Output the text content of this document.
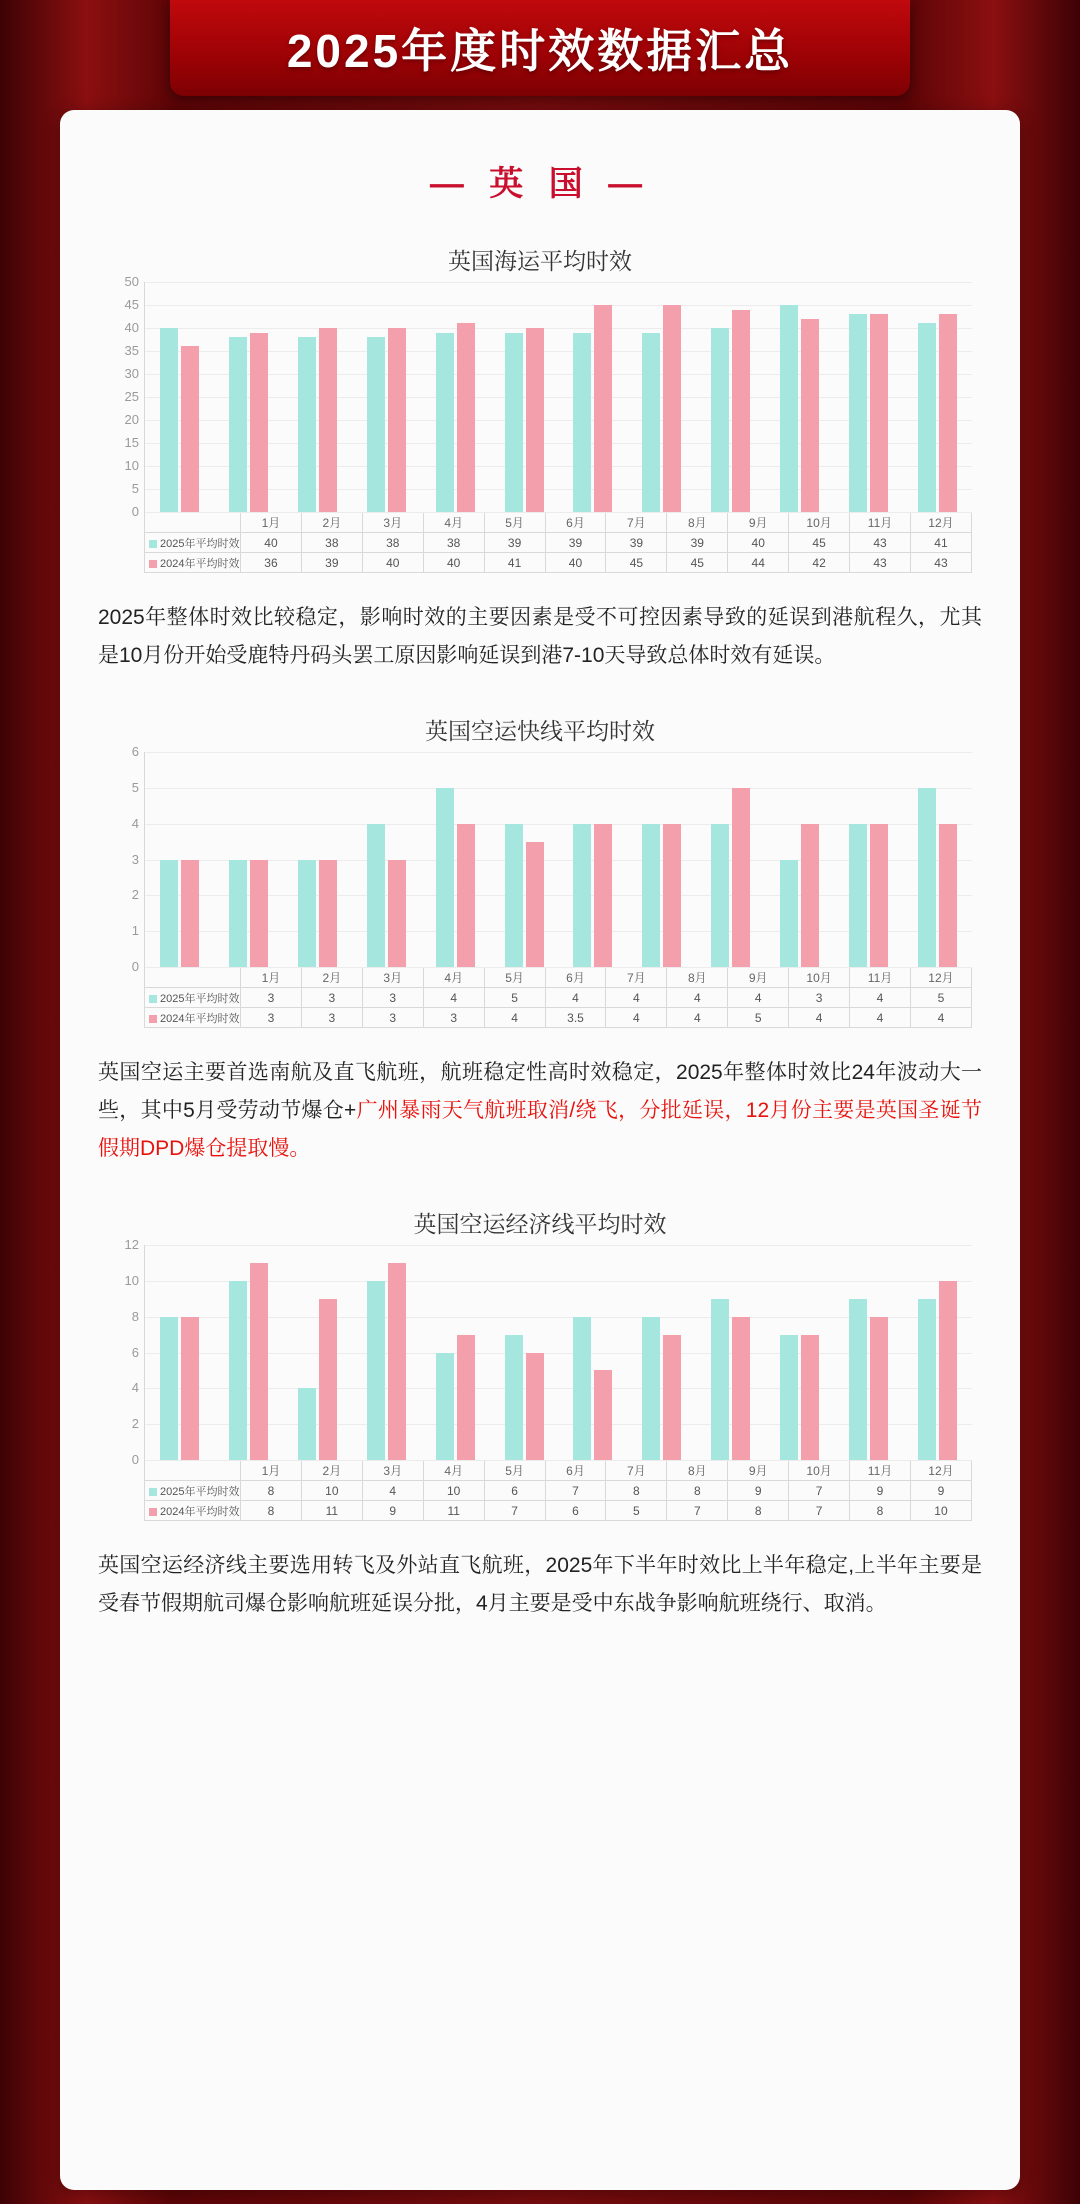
2025年度时效数据汇总
— 英 国 —
英国海运平均时效
0
5
10
15
20
25
30
35
40
45
50
	1月	2月	3月	4月	5月	6月	7月	8月	9月	10月	11月	12月
2025年平均时效	40	38	38	38	39	39	39	39	40	45	43	41
2024年平均时效	36	39	40	40	41	40	45	45	44	42	43	43

2025年整体时效比较稳定，影响时效的主要因素是受不可控因素导致的延误到港航程久，尤其是10月份开始受鹿特丹码头罢工原因影响延误到港7-10天导致总体时效有延误。

英国空运快线平均时效
0
1
2
3
4
5
6
	1月	2月	3月	4月	5月	6月	7月	8月	9月	10月	11月	12月
2025年平均时效	3	3	3	4	5	4	4	4	4	3	4	5
2024年平均时效	3	3	3	3	4	3.5	4	4	5	4	4	4

英国空运主要首选南航及直飞航班，航班稳定性高时效稳定，2025年整体时效比24年波动大一些，其中5月受劳动节爆仓+广州暴雨天气航班取消/绕飞，分批延误，12月份主要是英国圣诞节假期DPD爆仓提取慢。

英国空运经济线平均时效
0
2
4
6
8
10
12
	1月	2月	3月	4月	5月	6月	7月	8月	9月	10月	11月	12月
2025年平均时效	8	10	4	10	6	7	8	8	9	7	9	9
2024年平均时效	8	11	9	11	7	6	5	7	8	7	8	10

英国空运经济线主要选用转飞及外站直飞航班，2025年下半年时效比上半年稳定,上半年主要是受春节假期航司爆仓影响航班延误分批，4月主要是受中东战争影响航班绕行、取消。
